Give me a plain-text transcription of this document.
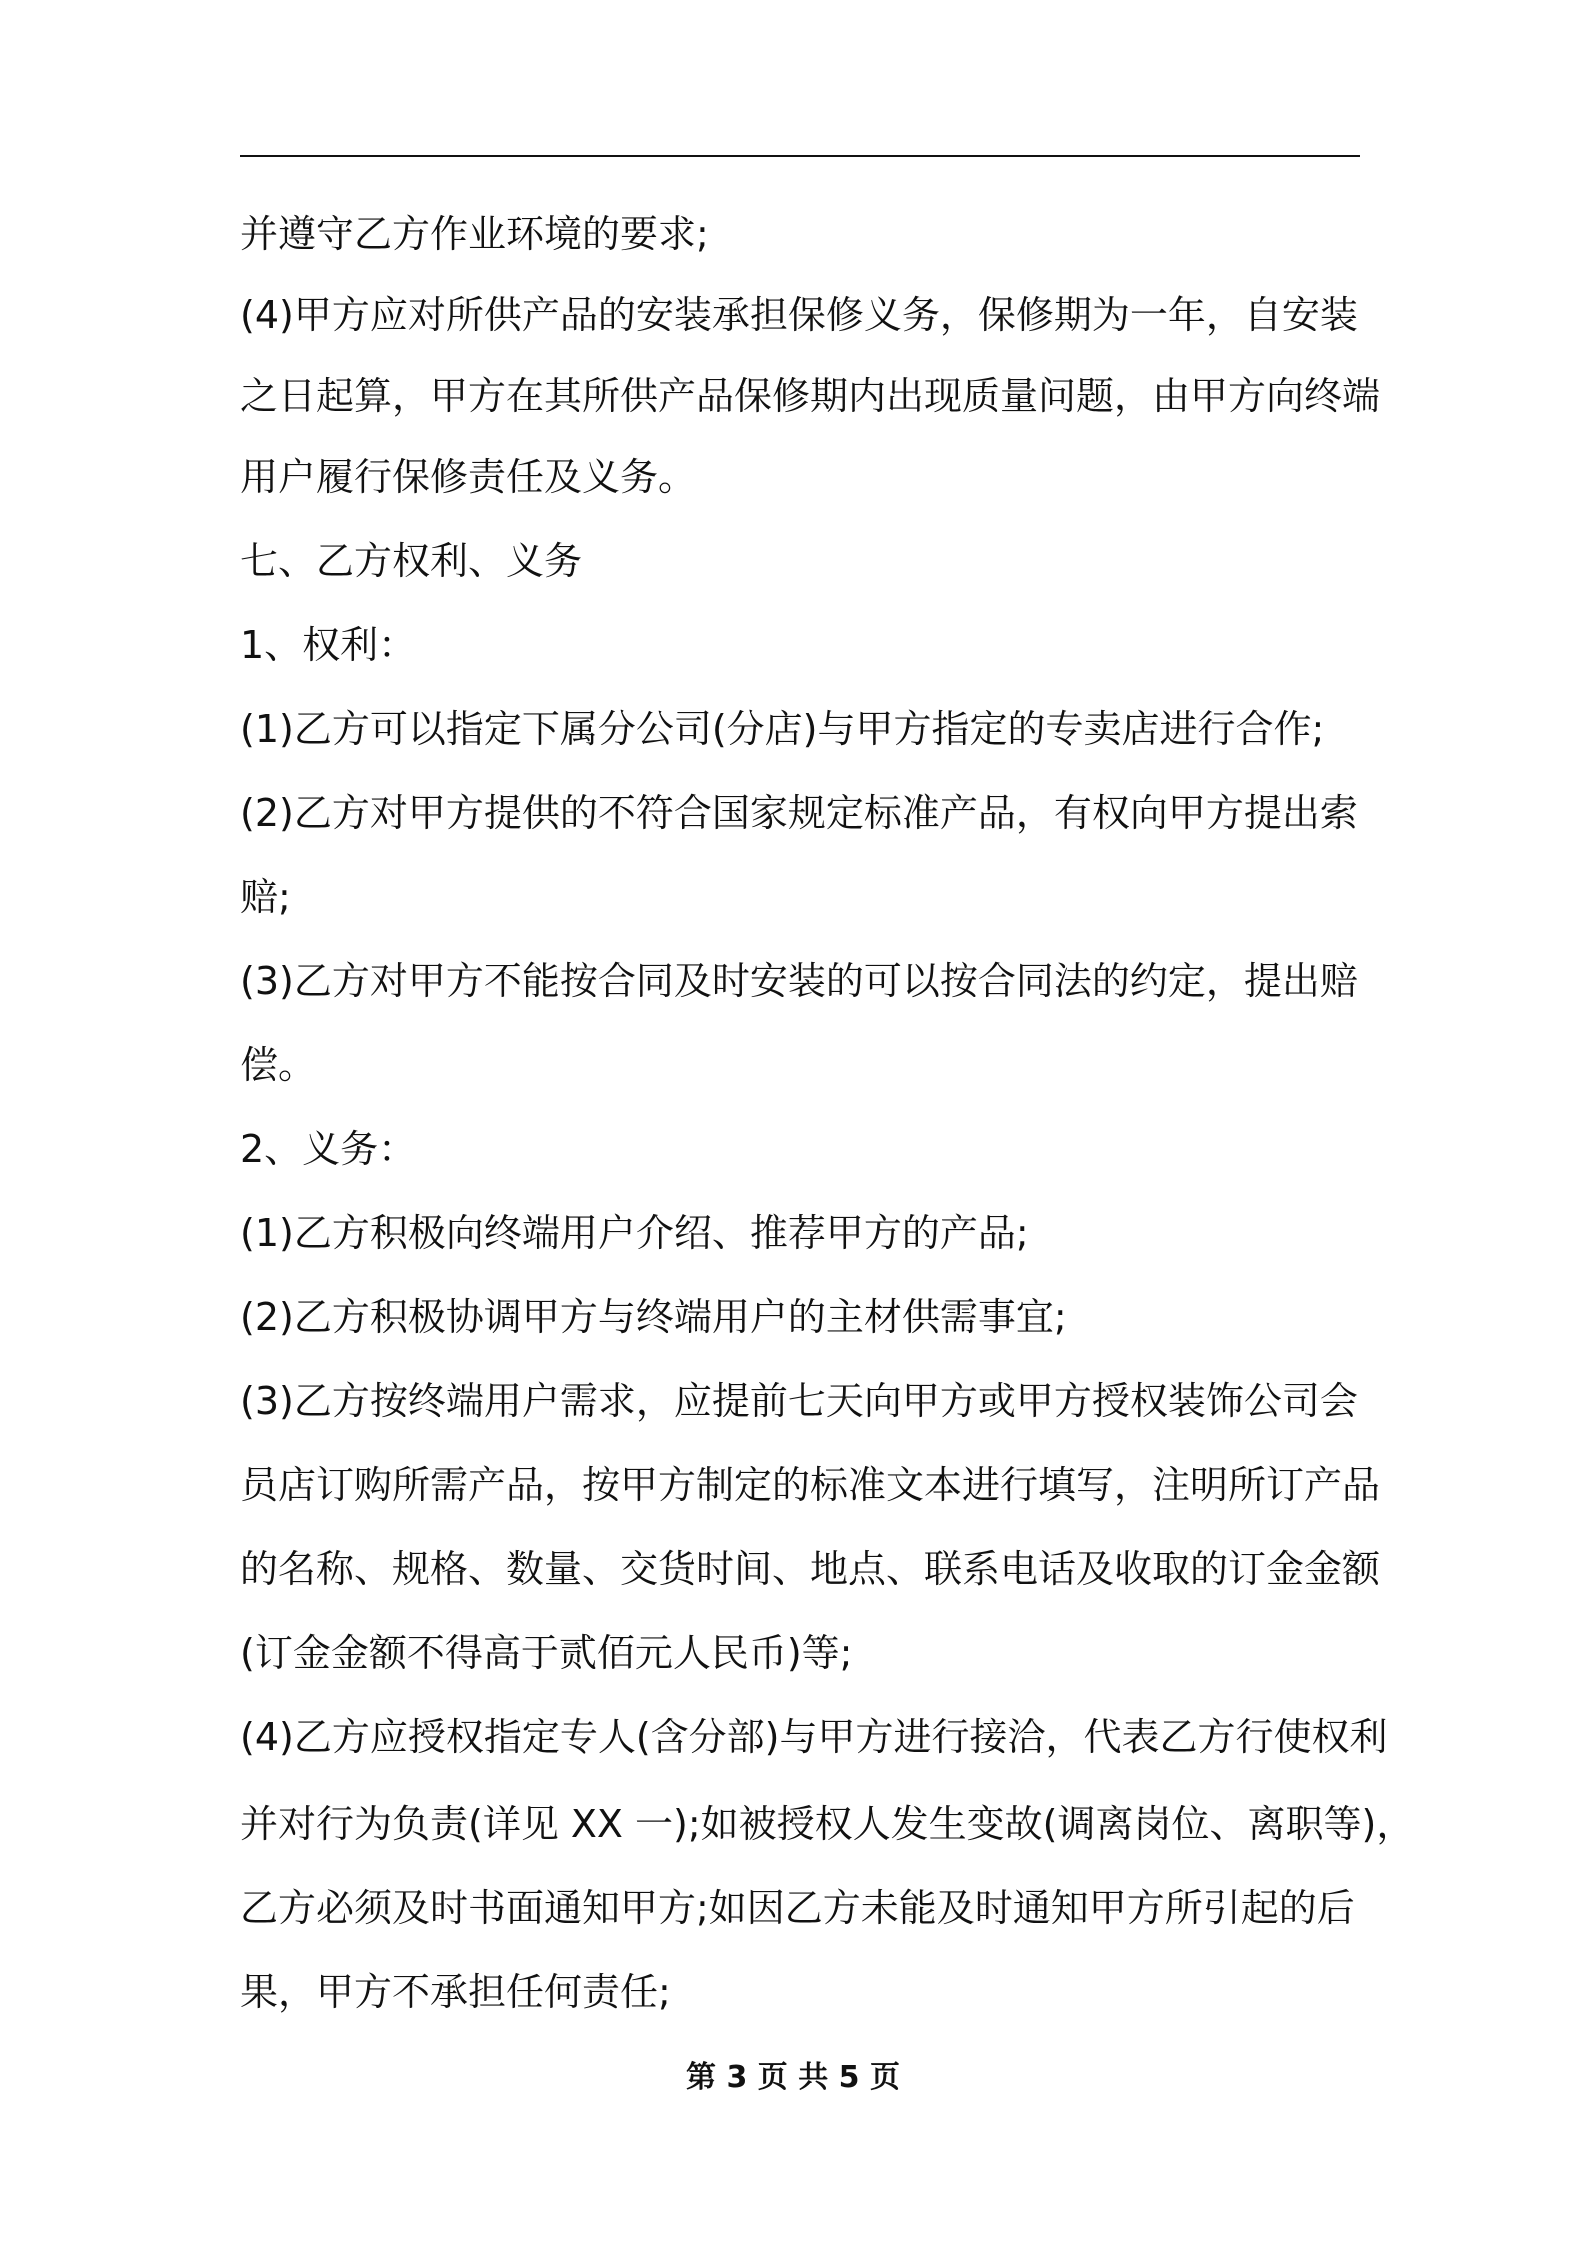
并遵守乙方作业环境的要求;
(4)甲方应对所供产品的安装承担保修义务，保修期为一年，自安装
之日起算，甲方在其所供产品保修期内出现质量问题，由甲方向终端
用户履行保修责任及义务。
七、乙方权利、义务
1、权利：
(1)乙方可以指定下属分公司(分店)与甲方指定的专卖店进行合作;
(2)乙方对甲方提供的不符合国家规定标准产品，有权向甲方提出索
赔;
(3)乙方对甲方不能按合同及时安装的可以按合同法的约定，提出赔
偿。
2、义务：
(1)乙方积极向终端用户介绍、推荐甲方的产品;
(2)乙方积极协调甲方与终端用户的主材供需事宜;
(3)乙方按终端用户需求，应提前七天向甲方或甲方授权装饰公司会
员店订购所需产品，按甲方制定的标准文本进行填写，注明所订产品
的名称、规格、数量、交货时间、地点、联系电话及收取的订金金额
(订金金额不得高于贰佰元人民币)等;
(4)乙方应授权指定专人(含分部)与甲方进行接洽，代表乙方行使权利
并对行为负责(详见 XX 一);如被授权人发生变故(调离岗位、离职等)，
乙方必须及时书面通知甲方;如因乙方未能及时通知甲方所引起的后
果，甲方不承担任何责任;
第 3 页 共 5 页
